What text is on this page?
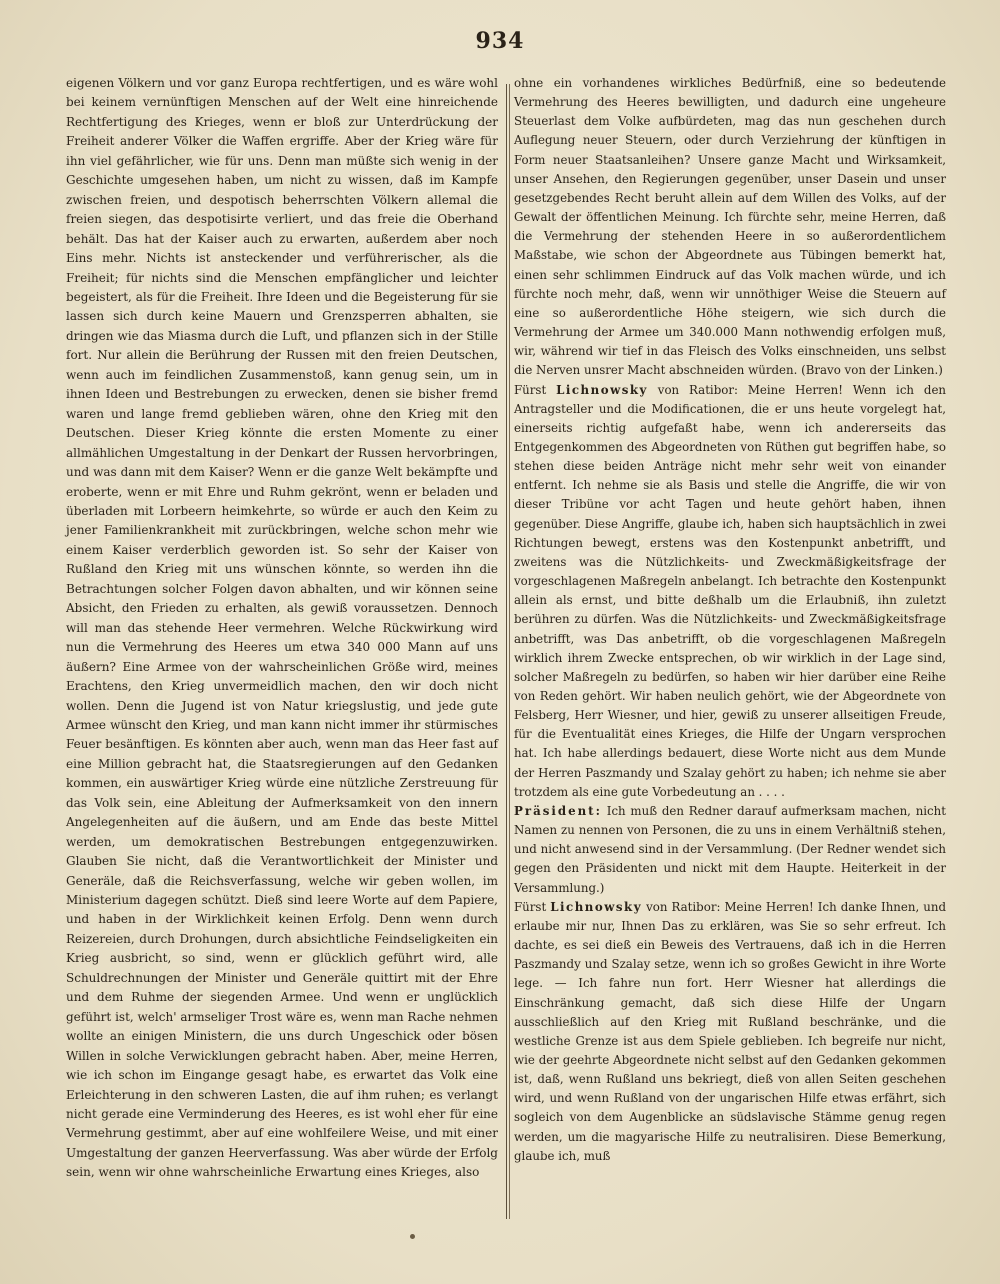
934

eigenen Völkern und vor ganz Europa rechtfertigen, und es wäre wohl bei keinem vernünftigen Menschen auf der Welt eine hinreichende Rechtfertigung des Krieges, wenn er bloß zur Unterdrückung der Freiheit anderer Völker die Waffen ergriffe. Aber der Krieg wäre für ihn viel gefährlicher, wie für uns. Denn man müßte sich wenig in der Geschichte umgesehen haben, um nicht zu wissen, daß im Kampfe zwischen freien, und despotisch beherrschten Völkern allemal die freien siegen, das despotisirte verliert, und das freie die Oberhand behält. Das hat der Kaiser auch zu erwarten, außerdem aber noch Eins mehr. Nichts ist ansteckender und verführerischer, als die Freiheit; für nichts sind die Menschen empfänglicher und leichter begeistert, als für die Freiheit. Ihre Ideen und die Begeisterung für sie lassen sich durch keine Mauern und Grenzsperren abhalten, sie dringen wie das Miasma durch die Luft, und pflanzen sich in der Stille fort. Nur allein die Berührung der Russen mit den freien Deutschen, wenn auch im feindlichen Zusammenstoß, kann genug sein, um in ihnen Ideen und Bestrebungen zu erwecken, denen sie bisher fremd waren und lange fremd geblieben wären, ohne den Krieg mit den Deutschen. Dieser Krieg könnte die ersten Momente zu einer allmählichen Umgestaltung in der Denkart der Russen hervorbringen, und was dann mit dem Kaiser? Wenn er die ganze Welt bekämpfte und eroberte, wenn er mit Ehre und Ruhm gekrönt, wenn er beladen und überladen mit Lorbeern heimkehrte, so würde er auch den Keim zu jener Familienkrankheit mit zurückbringen, welche schon mehr wie einem Kaiser verderblich geworden ist. So sehr der Kaiser von Rußland den Krieg mit uns wünschen könnte, so werden ihn die Betrachtungen solcher Folgen davon abhalten, und wir können seine Absicht, den Frieden zu erhalten, als gewiß voraussetzen. Dennoch will man das stehende Heer vermehren. Welche Rückwirkung wird nun die Vermehrung des Heeres um etwa 340 000 Mann auf uns äußern? Eine Armee von der wahrscheinlichen Größe wird, meines Erachtens, den Krieg unvermeidlich machen, den wir doch nicht wollen. Denn die Jugend ist von Natur kriegslustig, und jede gute Armee wünscht den Krieg, und man kann nicht immer ihr stürmisches Feuer besänftigen. Es könnten aber auch, wenn man das Heer fast auf eine Million gebracht hat, die Staatsregierungen auf den Gedanken kommen, ein auswärtiger Krieg würde eine nützliche Zerstreuung für das Volk sein, eine Ableitung der Aufmerksamkeit von den innern Angelegenheiten auf die äußern, und am Ende das beste Mittel werden, um demokratischen Bestrebungen entgegenzuwirken. Glauben Sie nicht, daß die Verantwortlichkeit der Minister und Generäle, daß die Reichsverfassung, welche wir geben wollen, im Ministerium dagegen schützt. Dieß sind leere Worte auf dem Papiere, und haben in der Wirklichkeit keinen Erfolg. Denn wenn durch Reizereien, durch Drohungen, durch absichtliche Feindseligkeiten ein Krieg ausbricht, so sind, wenn er glücklich geführt wird, alle Schuldrechnungen der Minister und Generäle quittirt mit der Ehre und dem Ruhme der siegenden Armee. Und wenn er unglücklich geführt ist, welch' armseliger Trost wäre es, wenn man Rache nehmen wollte an einigen Ministern, die uns durch Ungeschick oder bösen Willen in solche Verwicklungen gebracht haben. Aber, meine Herren, wie ich schon im Eingange gesagt habe, es erwartet das Volk eine Erleichterung in den schweren Lasten, die auf ihm ruhen; es verlangt nicht gerade eine Verminderung des Heeres, es ist wohl eher für eine Vermehrung gestimmt, aber auf eine wohlfeilere Weise, und mit einer Umgestaltung der ganzen Heerverfassung. Was aber würde der Erfolg sein, wenn wir ohne wahrscheinliche Erwartung eines Krieges, also

ohne ein vorhandenes wirkliches Bedürfniß, eine so bedeutende Vermehrung des Heeres bewilligten, und dadurch eine ungeheure Steuerlast dem Volke aufbürdeten, mag das nun geschehen durch Auflegung neuer Steuern, oder durch Verziehrung der künftigen in Form neuer Staatsanleihen? Unsere ganze Macht und Wirksamkeit, unser Ansehen, den Regierungen gegenüber, unser Dasein und unser gesetzgebendes Recht beruht allein auf dem Willen des Volks, auf der Gewalt der öffentlichen Meinung. Ich fürchte sehr, meine Herren, daß die Vermehrung der stehenden Heere in so außerordentlichem Maßstabe, wie schon der Abgeordnete aus Tübingen bemerkt hat, einen sehr schlimmen Eindruck auf das Volk machen würde, und ich fürchte noch mehr, daß, wenn wir unnöthiger Weise die Steuern auf eine so außerordentliche Höhe steigern, wie sich durch die Vermehrung der Armee um 340.000 Mann nothwendig erfolgen muß, wir, während wir tief in das Fleisch des Volks einschneiden, uns selbst die Nerven unsrer Macht abschneiden würden. (Bravo von der Linken.)

Fürst Lichnowsky von Ratibor: Meine Herren! Wenn ich den Antragsteller und die Modificationen, die er uns heute vorgelegt hat, einerseits richtig aufgefaßt habe, wenn ich andererseits das Entgegenkommen des Abgeordneten von Rüthen gut begriffen habe, so stehen diese beiden Anträge nicht mehr sehr weit von einander entfernt. Ich nehme sie als Basis und stelle die Angriffe, die wir von dieser Tribüne vor acht Tagen und heute gehört haben, ihnen gegenüber. Diese Angriffe, glaube ich, haben sich hauptsächlich in zwei Richtungen bewegt, erstens was den Kostenpunkt anbetrifft, und zweitens was die Nützlichkeits- und Zweckmäßigkeitsfrage der vorgeschlagenen Maßregeln anbelangt. Ich betrachte den Kostenpunkt allein als ernst, und bitte deßhalb um die Erlaubniß, ihn zuletzt berühren zu dürfen. Was die Nützlichkeits- und Zweckmäßigkeitsfrage anbetrifft, was Das anbetrifft, ob die vorgeschlagenen Maßregeln wirklich ihrem Zwecke entsprechen, ob wir wirklich in der Lage sind, solcher Maßregeln zu bedürfen, so haben wir hier darüber eine Reihe von Reden gehört. Wir haben neulich gehört, wie der Abgeordnete von Felsberg, Herr Wiesner, und hier, gewiß zu unserer allseitigen Freude, für die Eventualität eines Krieges, die Hilfe der Ungarn versprochen hat. Ich habe allerdings bedauert, diese Worte nicht aus dem Munde der Herren Paszmandy und Szalay gehört zu haben; ich nehme sie aber trotzdem als eine gute Vorbedeutung an . . . .

Präsident: Ich muß den Redner darauf aufmerksam machen, nicht Namen zu nennen von Personen, die zu uns in einem Verhältniß stehen, und nicht anwesend sind in der Versammlung. (Der Redner wendet sich gegen den Präsidenten und nickt mit dem Haupte. Heiterkeit in der Versammlung.)

Fürst Lichnowsky von Ratibor: Meine Herren! Ich danke Ihnen, und erlaube mir nur, Ihnen Das zu erklären, was Sie so sehr erfreut. Ich dachte, es sei dieß ein Beweis des Vertrauens, daß ich in die Herren Paszmandy und Szalay setze, wenn ich so großes Gewicht in ihre Worte lege. — Ich fahre nun fort. Herr Wiesner hat allerdings die Einschränkung gemacht, daß sich diese Hilfe der Ungarn ausschließlich auf den Krieg mit Rußland beschränke, und die westliche Grenze ist aus dem Spiele geblieben. Ich begreife nur nicht, wie der geehrte Abgeordnete nicht selbst auf den Gedanken gekommen ist, daß, wenn Rußland uns bekriegt, dieß von allen Seiten geschehen wird, und wenn Rußland von der ungarischen Hilfe etwas erfährt, sich sogleich von dem Augenblicke an südslavische Stämme genug regen werden, um die magyarische Hilfe zu neutralisiren. Diese Bemerkung, glaube ich, muß
